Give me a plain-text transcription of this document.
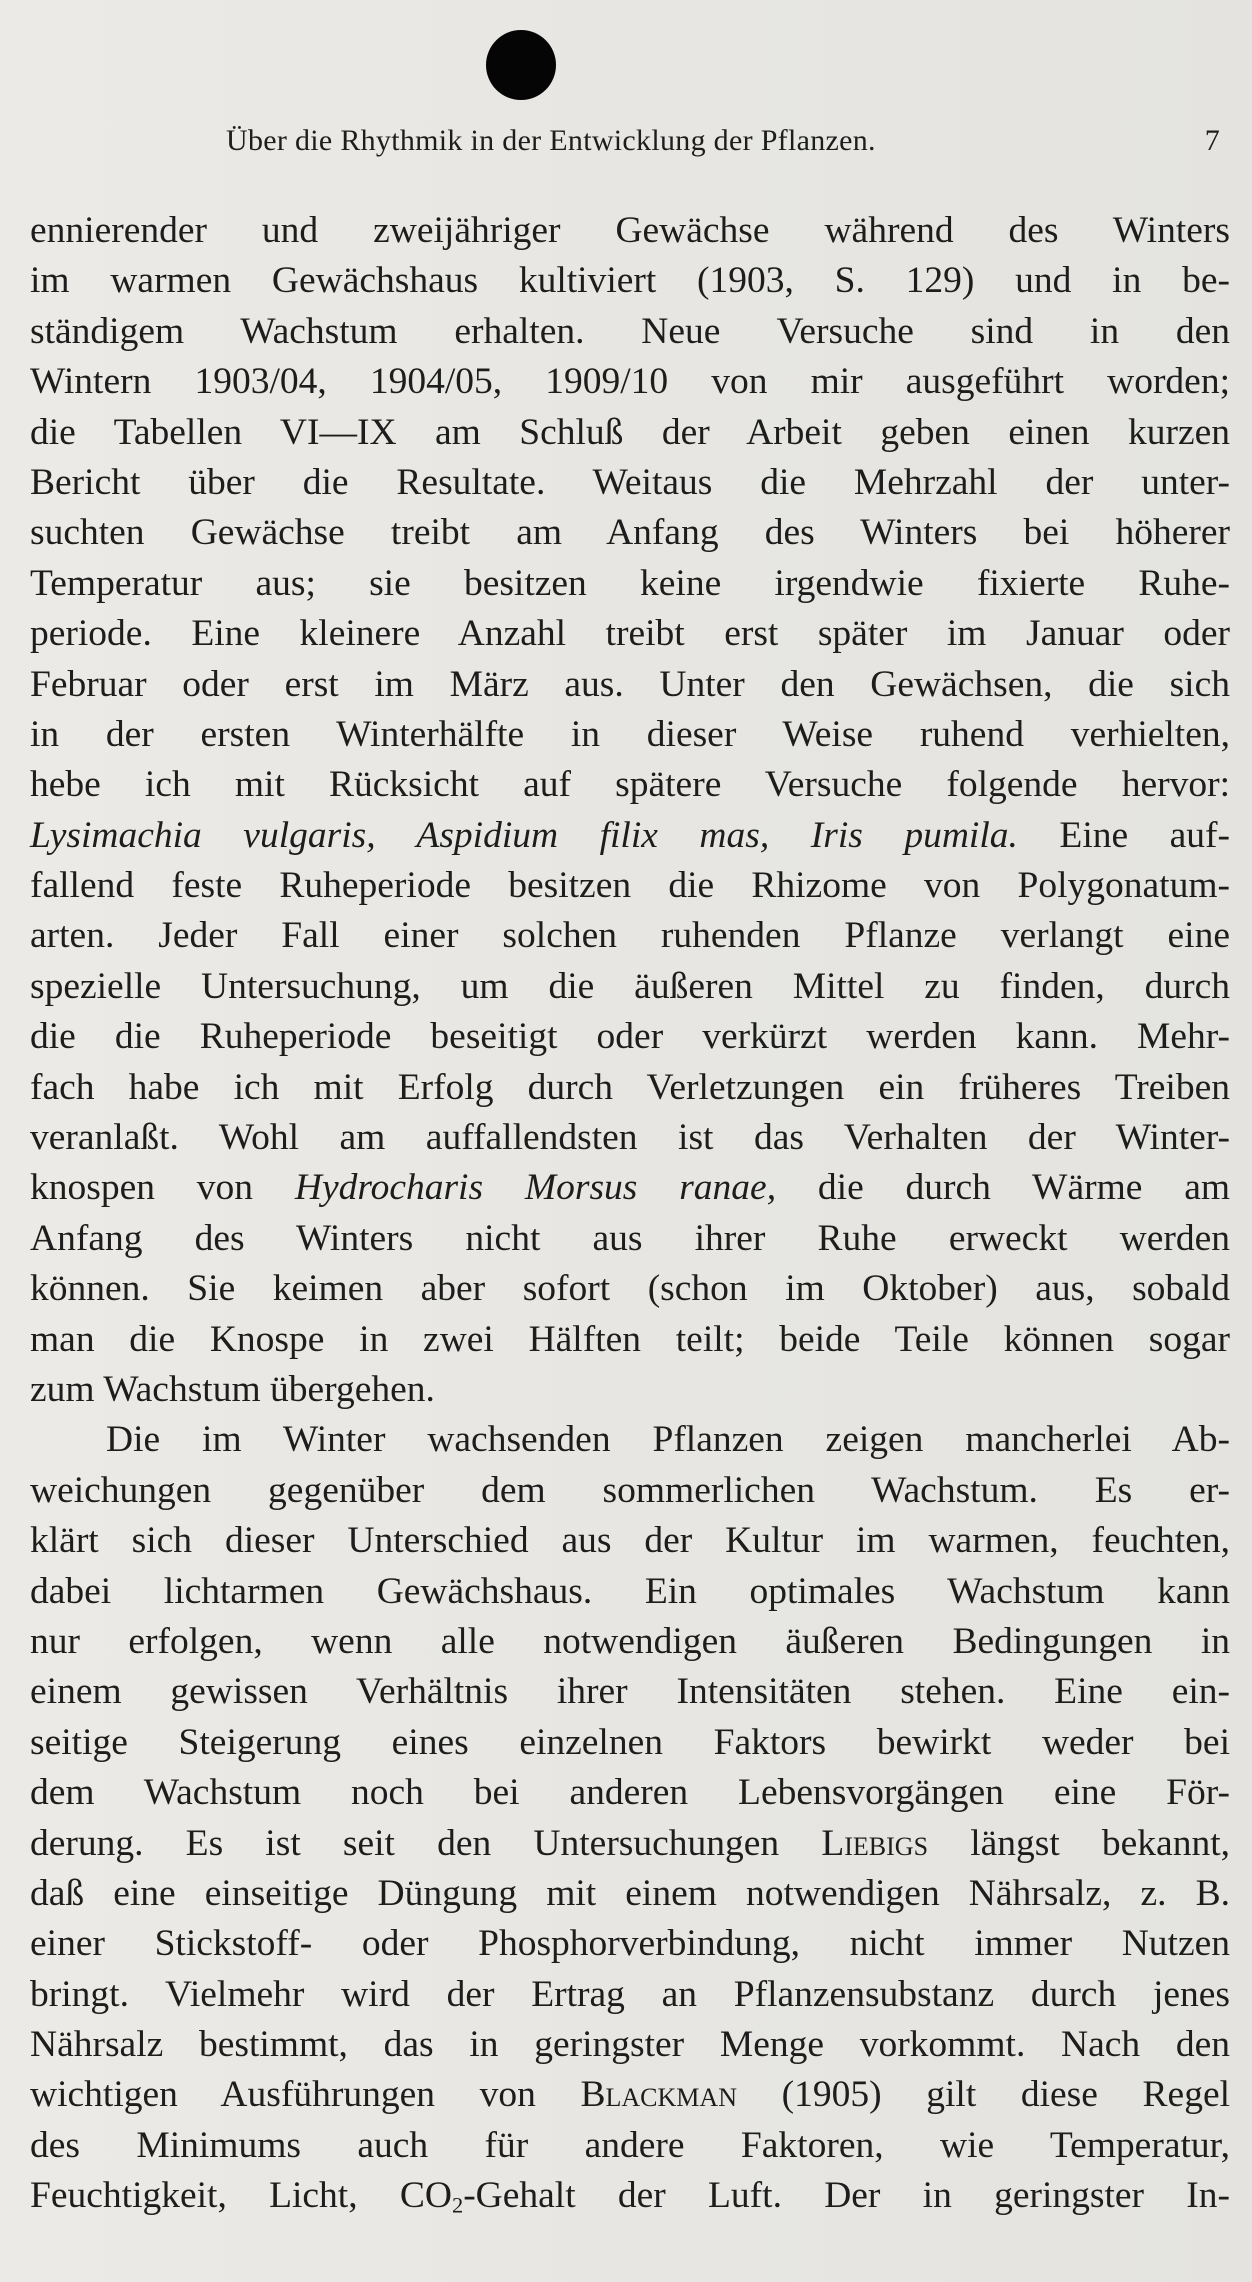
Über die Rhythmik in der Entwicklung der Pflanzen.	7
ennierender und zweijähriger Gewächse während des Winters
im warmen Gewächshaus kultiviert (1903, S. 129) und in be-
ständigem Wachstum erhalten. Neue Versuche sind in den
Wintern 1903/04, 1904/05, 1909/10 von mir ausgeführt worden;
die Tabellen VI—IX am Schluß der Arbeit geben einen kurzen
Bericht über die Resultate. Weitaus die Mehrzahl der unter-
suchten Gewächse treibt am Anfang des Winters bei höherer
Temperatur aus; sie besitzen keine irgendwie fixierte Ruhe-
periode. Eine kleinere Anzahl treibt erst später im Januar oder
Februar oder erst im März aus. Unter den Gewächsen, die sich
in der ersten Winterhälfte in dieser Weise ruhend verhielten,
hebe ich mit Rücksicht auf spätere Versuche folgende hervor:
Lysimachia vulgaris, Aspidium filix mas, Iris pumila. Eine auf-
fallend feste Ruheperiode besitzen die Rhizome von Polygonatum-
arten. Jeder Fall einer solchen ruhenden Pflanze verlangt eine
spezielle Untersuchung, um die äußeren Mittel zu finden, durch
die die Ruheperiode beseitigt oder verkürzt werden kann. Mehr-
fach habe ich mit Erfolg durch Verletzungen ein früheres Treiben
veranlaßt. Wohl am auffallendsten ist das Verhalten der Winter-
knospen von Hydrocharis Morsus ranae, die durch Wärme am
Anfang des Winters nicht aus ihrer Ruhe erweckt werden
können. Sie keimen aber sofort (schon im Oktober) aus, sobald
man die Knospe in zwei Hälften teilt; beide Teile können sogar
zum Wachstum übergehen.
Die im Winter wachsenden Pflanzen zeigen mancherlei Ab-
weichungen gegenüber dem sommerlichen Wachstum. Es er-
klärt sich dieser Unterschied aus der Kultur im warmen, feuchten,
dabei lichtarmen Gewächshaus. Ein optimales Wachstum kann
nur erfolgen, wenn alle notwendigen äußeren Bedingungen in
einem gewissen Verhältnis ihrer Intensitäten stehen. Eine ein-
seitige Steigerung eines einzelnen Faktors bewirkt weder bei
dem Wachstum noch bei anderen Lebensvorgängen eine För-
derung. Es ist seit den Untersuchungen Liebigs längst bekannt,
daß eine einseitige Düngung mit einem notwendigen Nährsalz, z. B.
einer Stickstoff- oder Phosphorverbindung, nicht immer Nutzen
bringt. Vielmehr wird der Ertrag an Pflanzensubstanz durch jenes
Nährsalz bestimmt, das in geringster Menge vorkommt. Nach den
wichtigen Ausführungen von Blackman (1905) gilt diese Regel
des Minimums auch für andere Faktoren, wie Temperatur,
Feuchtigkeit, Licht, $CO_2$-Gehalt der Luft. Der in geringster In-
